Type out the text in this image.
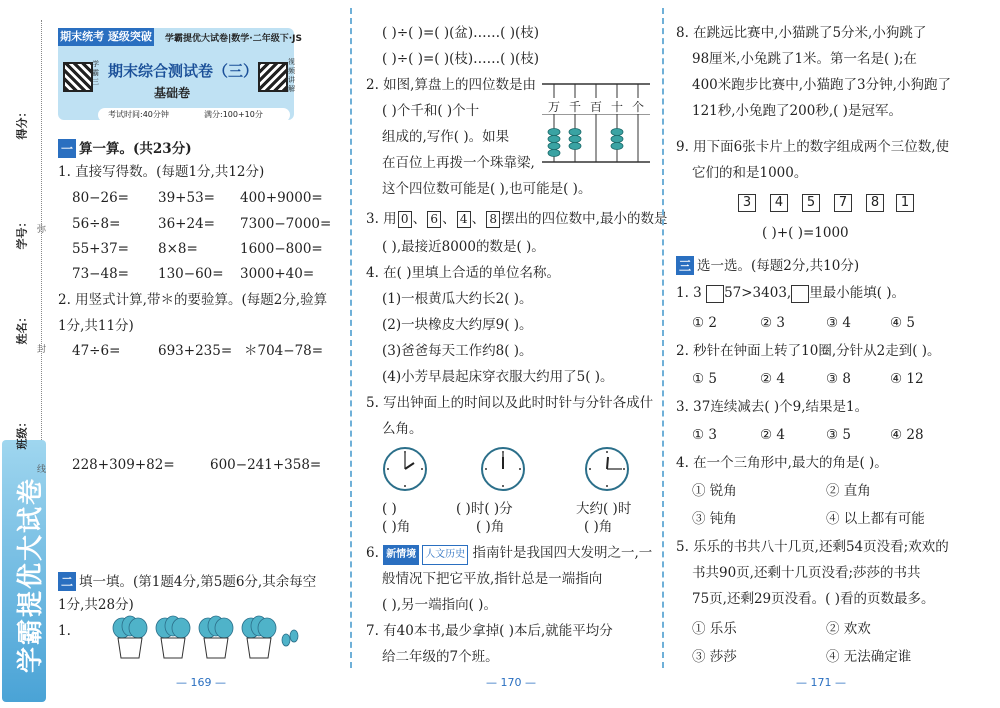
学霸提优大试卷
得分：
学号：
姓名：
班级：
弥
封
线
期末统考 逐级突破 学霸提优大试卷|数学·二年级下·JS
学霸三
期末综合测试卷（三）
基础卷
视频讲解
考试时间:40分钟	满分:100+10分
一 算一算。(共23分)
1. 直接写得数。(每题1分,共12分)
80−26= 39+53= 400+9000=
56÷8=	36+24= 7300−7000=
55+37= 8×8=	1600−800=
73−48= 130−60= 3000+40=
2. 用竖式计算,带＊的要验算。(每题2分,验算
1分,共11分)
47÷6=	693+235= ＊704−78=
228+309+82=	600−241+358=
二 填一填。(第1题4分,第5题6分,其余每空
1分,共28分)
1.
— 169 —
( )÷( )=( )(盆)……( )(枝)
( )÷( )=( )(枝)……( )(枝)
2. 如图,算盘上的四位数是由
( )个千和( )个十
组成的,写作( )。如果
在百位上再拨一个珠靠梁,
这个四位数可能是( ),也可能是( )。
万 千 百 十 个
3. 用 0 、 6 、 4 、 8 摆出的四位数中,最小的数是
( ),最接近8000的数是( )。
4. 在( )里填上合适的单位名称。
(1)一根黄瓜大约长2( )。
(2)一块橡皮大约厚9( )。
(3)爸爸每天工作约8( )。
(4)小芳早晨起床穿衣服大约用了5( )。
5. 写出钟面上的时间以及此时时针与分针各成什
么角。
( )	( )时( )分	大约( )时
( )角	( )角	( )角
6. 新情境 人文历史 指南针是我国四大发明之一,一
般情况下把它平放,指针总是一端指向
( ),另一端指向( )。
7. 有40本书,最少拿掉( )本后,就能平均分
给二年级的7个班。
— 170 —
8. 在跳远比赛中,小猫跳了5分米,小狗跳了
98厘米,小兔跳了1米。第一名是( );在
400米跑步比赛中,小猫跑了3分钟,小狗跑了
121秒,小兔跑了200秒,( )是冠军。
9. 用下面6张卡片上的数字组成两个三位数,使
它们的和是1000。
3	4	5	7	8	1
( )+( )=1000
三 选一选。(每题2分,共10分)
1. 3 57>3403, 里最小能填( )。
① 2	② 3	③ 4	④ 5
2. 秒针在钟面上转了10圈,分针从2走到( )。
① 5	② 4	③ 8	④ 12
3. 37连续减去( )个9,结果是1。
① 3	② 4	③ 5	④ 28
4. 在一个三角形中,最大的角是( )。
① 锐角	② 直角
③ 钝角	④ 以上都有可能
5. 乐乐的书共八十几页,还剩54页没看;欢欢的
书共90页,还剩十几页没看;莎莎的书共
75页,还剩29页没看。( )看的页数最多。
① 乐乐	② 欢欢
③ 莎莎	④ 无法确定谁
— 171 —
